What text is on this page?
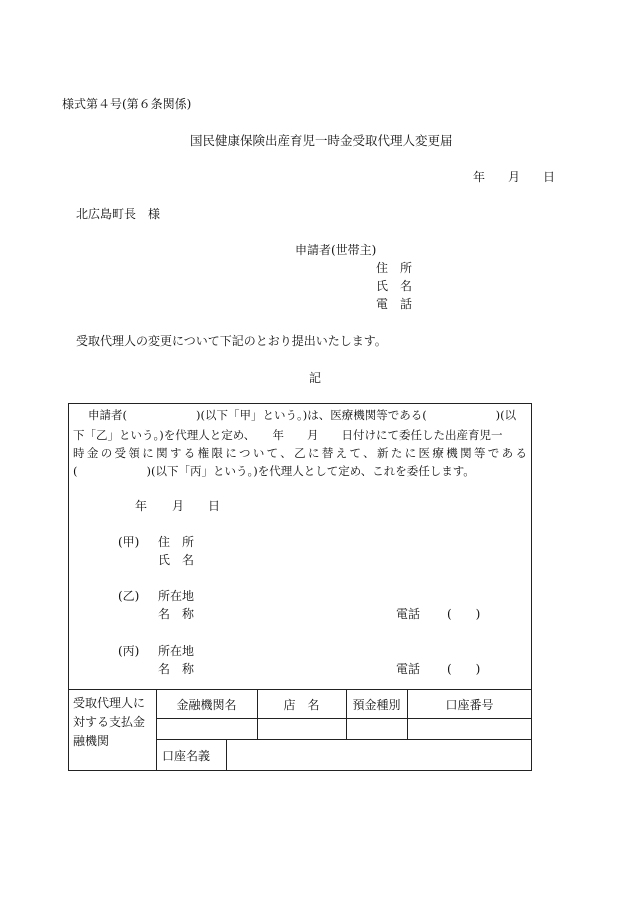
様式第４号(第６条関係)
国民健康保険出産育児一時金受取代理人変更届
年 月 日
北広島町長　様
申請者(世帯主)
住　所
氏　名
電　話
受取代理人の変更について下記のとおり提出いたします。
記
申請者(　　　　　　)(以下「甲」という。)は、医療機関等である(　　　　　　)(以
下「乙」という。)を代理人と定め、　　年　　月　　日付けにて委任した出産育児一
時金の受領に関する権限について、乙に替えて、新たに医療機関等である
(　　　　　　)(以下「丙」という。)を代理人として定め、これを委任します。
年 月 日
(甲) 住　所
氏　名
(乙) 所在地
名　称	電話 (　　)
(丙) 所在地
名　称	電話 (　　)
受取代理人に
対する支払金
融機関
金融機関名	店　名	預金種別	口座番号
口座名義
